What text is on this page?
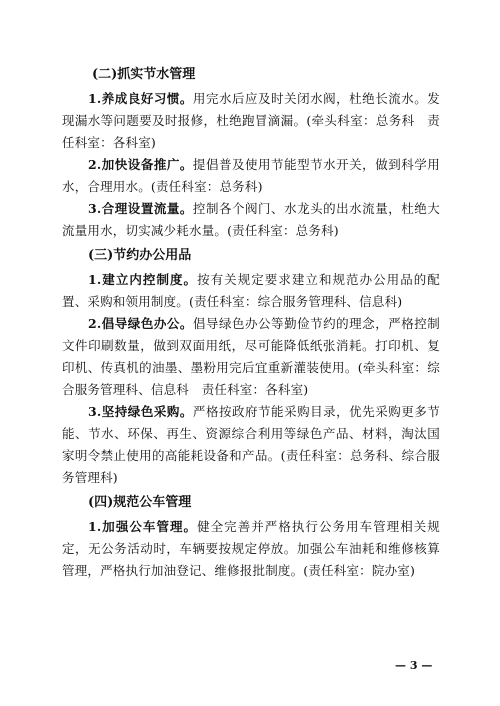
(二)抓实节水管理

1.养成良好习惯。用完水后应及时关闭水阀，杜绝长流水。发现漏水等问题要及时报修，杜绝跑冒滴漏。(牵头科室：总务科　责任科室：各科室)

2.加快设备推广。提倡普及使用节能型节水开关，做到科学用水，合理用水。(责任科室：总务科)

3.合理设置流量。控制各个阀门、水龙头的出水流量，杜绝大流量用水，切实减少耗水量。(责任科室：总务科)

(三)节约办公用品

1.建立内控制度。按有关规定要求建立和规范办公用品的配置、采购和领用制度。(责任科室：综合服务管理科、信息科)

2.倡导绿色办公。倡导绿色办公等勤俭节约的理念，严格控制文件印刷数量，做到双面用纸，尽可能降低纸张消耗。打印机、复印机、传真机的油墨、墨粉用完后宜重新灌装使用。(牵头科室：综合服务管理科、信息科　责任科室：各科室)

3.坚持绿色采购。严格按政府节能采购目录，优先采购更多节能、节水、环保、再生、资源综合利用等绿色产品、材料，淘汰国家明令禁止使用的高能耗设备和产品。(责任科室：总务科、综合服务管理科)

(四)规范公车管理

1.加强公车管理。健全完善并严格执行公务用车管理相关规定，无公务活动时，车辆要按规定停放。加强公车油耗和维修核算管理，严格执行加油登记、维修报批制度。(责任科室：院办室)

— 3 —
